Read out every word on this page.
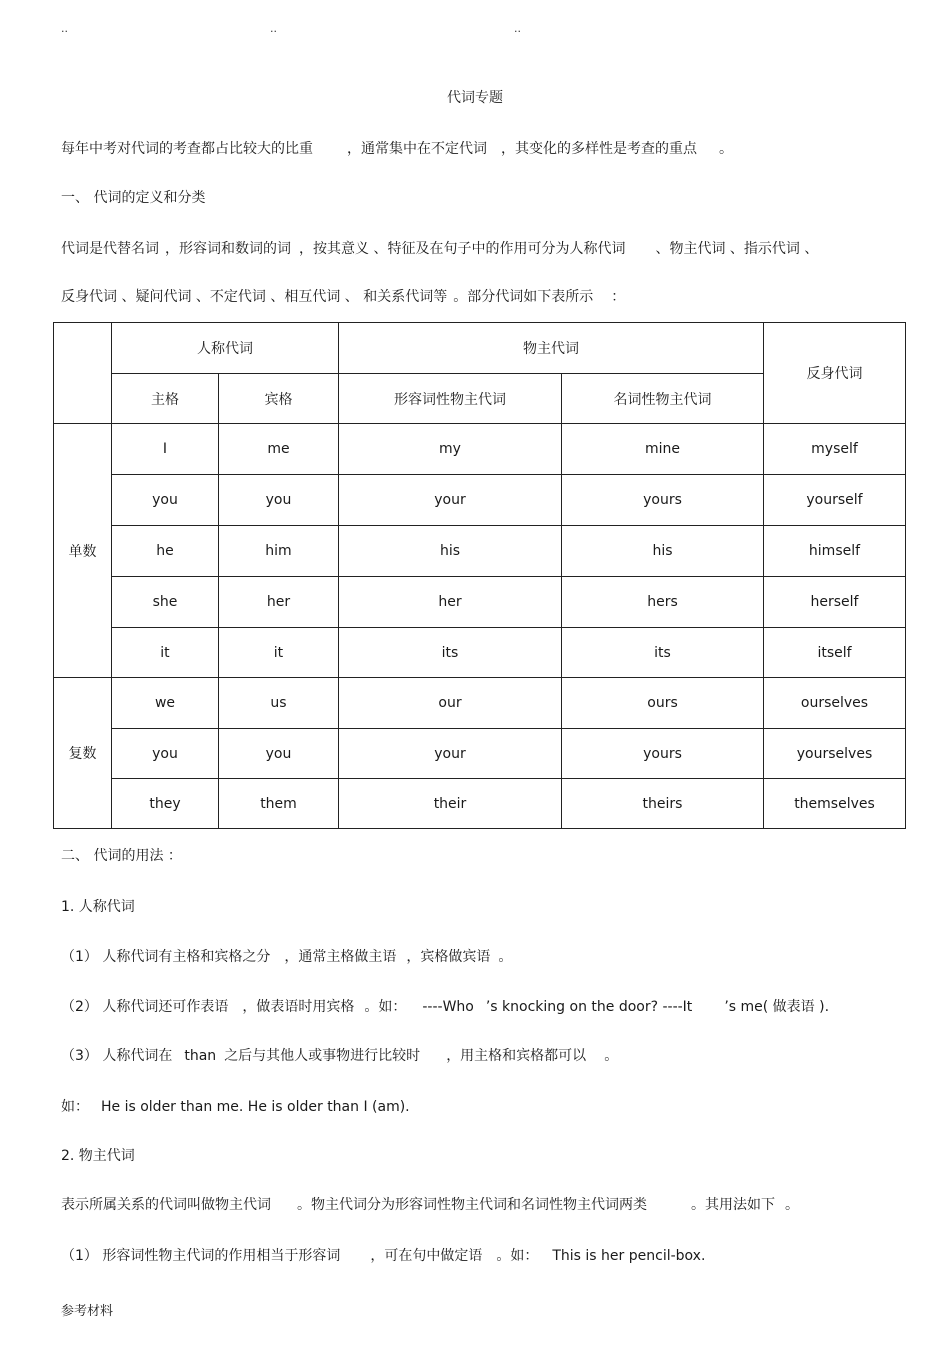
..	..	..
代词专题
每年中考对代词的考查都占比较大的比重 ，通常集中在不定代词 ，其变化的多样性是考查的重点 。
一、 代词的定义和分类
代词是代替名词 ，形容词和数词的词 ，按其意义 、特征及在句子中的作用可分为人称代词 、物主代词 、指示代词 、
反身代词 、疑问代词 、不定代词 、相互代词 、 和关系代词等 。部分代词如下表所示 ：
	人称代词		物主代词		反身代词
	主格	宾格	形容词性物主代词	名词性物主代词	
单数	I	me	my	mine	myself
	you	you	your	yours	yourself
	he	him	his	his	himself
	she	her	her	hers	herself
	it	it	its	its	itself
复数	we	us	our	ours	ourselves
	you	you	your	yours	yourselves
	they	them	their	theirs	themselves
二、 代词的用法 ：
1. 人称代词
（1） 人称代词有主格和宾格之分 ，通常主格做主语 ，宾格做宾语 。
（2） 人称代词还可作表语 ，做表语时用宾格 。如： ----Who ’s knocking on the door? ----It ’s me( 做表语 ).
（3） 人称代词在 than 之后与其他人或事物进行比较时 ，用主格和宾格都可以 。
如： He is older than me. He is older than I (am).
2. 物主代词
表示所属关系的代词叫做物主代词 。物主代词分为形容词性物主代词和名词性物主代词两类	。其用法如下 。
（1） 形容词性物主代词的作用相当于形容词 ，可在句中做定语 。如： This is her pencil-box.
参考材料
